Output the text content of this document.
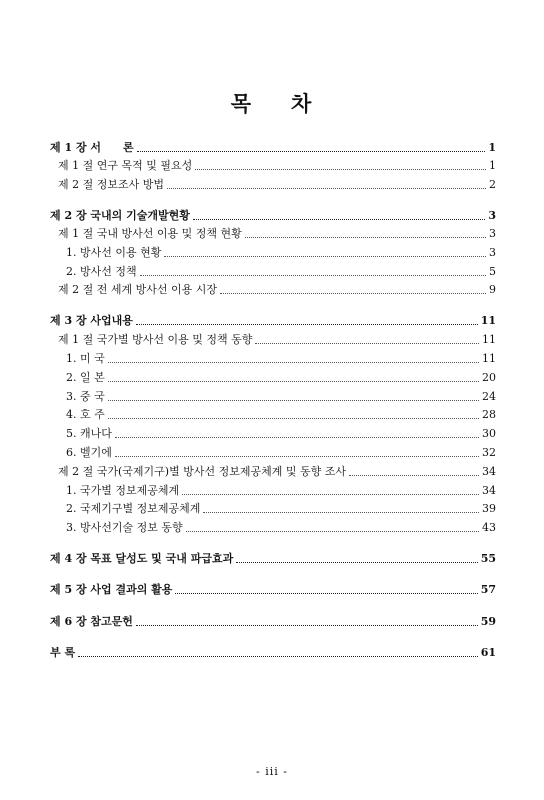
목 차
제 1 장 서　　론	1
제 1 절 연구 목적 및 필요성	1
제 2 절 정보조사 방법	2
제 2 장 국내의 기술개발현황	3
제 1 절 국내 방사선 이용 및 정책 현황	3
1. 방사선 이용 현황	3
2. 방사선 정책	5
제 2 절 전 세계 방사선 이용 시장	9
제 3 장 사업내용	11
제 1 절 국가별 방사선 이용 및 정책 동향	11
1. 미 국	11
2. 일 본	20
3. 중 국	24
4. 호 주	28
5. 캐나다	30
6. 벨기에	32
제 2 절 국가(국제기구)별 방사선 정보제공체계 및 동향 조사	34
1. 국가별 정보제공체계	34
2. 국제기구별 정보제공체계	39
3. 방사선기술 정보 동향	43
제 4 장 목표 달성도 및 국내 파급효과	55
제 5 장 사업 결과의 활용	57
제 6 장 참고문헌	59
부 록	61
- iii -
